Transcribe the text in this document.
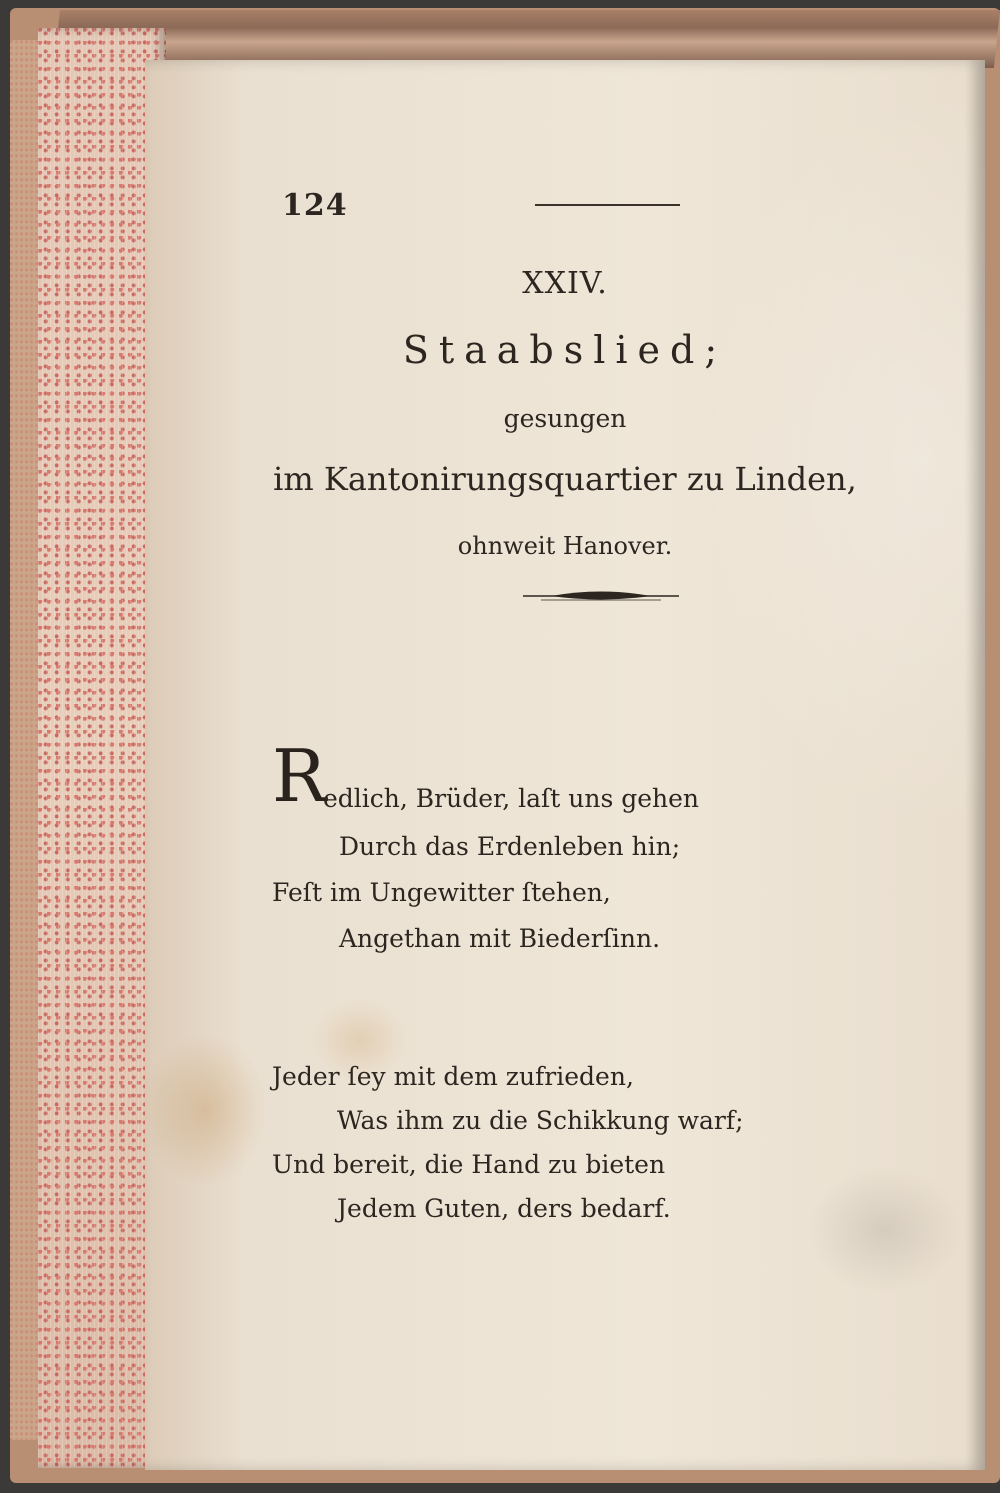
124
XXIV.
Staabslied;
gesungen
im Kantonirungsquartier zu Linden,
ohnweit Hanover.
R
edlich, Brüder, laſt uns gehen
Durch das Erdenleben hin;
Feſt im Ungewitter ſtehen,
Angethan mit Biederſinn.
Jeder ſey mit dem zufrieden,
Was ihm zu die Schikkung warf;
Und bereit, die Hand zu bieten
Jedem Guten, ders bedarf.
